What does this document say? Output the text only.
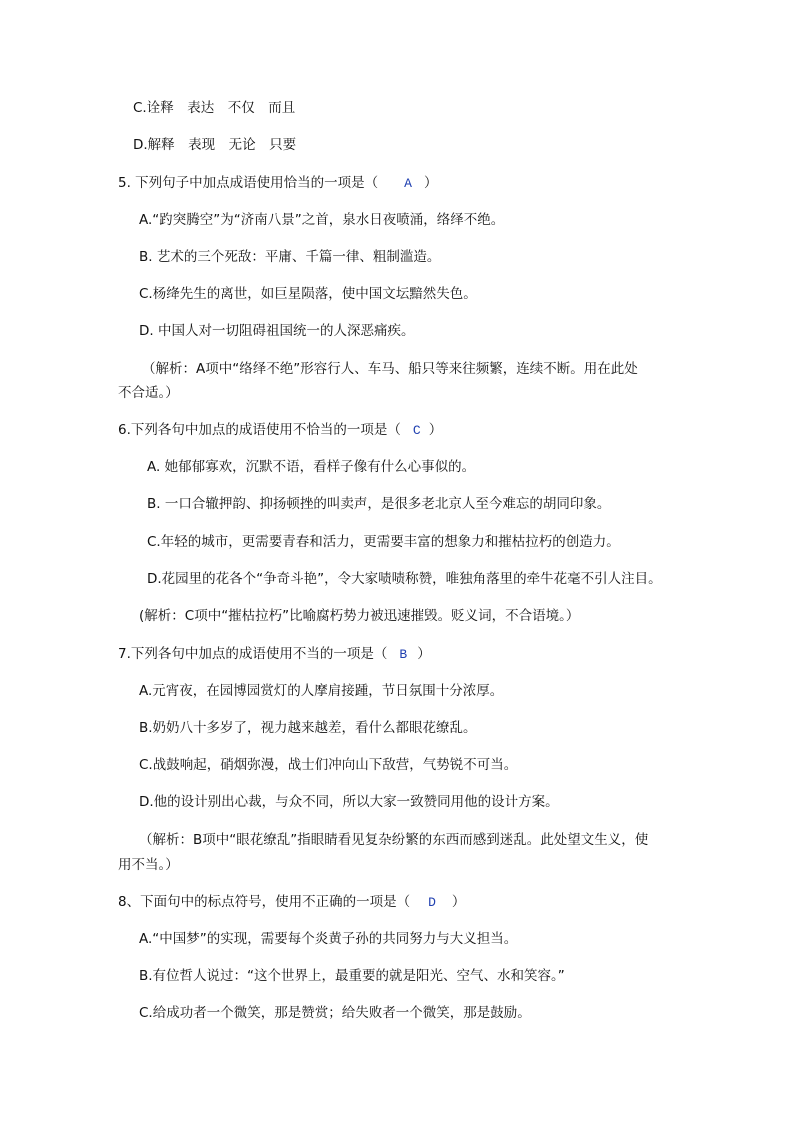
C.诠释　表达　不仅　而且
D.解释　表现　无论　只要
5. 下列句子中加点成语使用恰当的一项是（ A ）
A.“趵突腾空”为“济南八景”之首，泉水日夜喷涌，络绎不绝。
B. 艺术的三个死敌：平庸、千篇一律、粗制滥造。
C.杨绛先生的离世，如巨星陨落，使中国文坛黯然失色。
D. 中国人对一切阻碍祖国统一的人深恶痛疾。
（解析：A项中“络绎不绝”形容行人、车马、船只等来往频繁，连续不断。用在此处
不合适。）
6.下列各句中加点的成语使用不恰当的一项是（ C ）
A. 她郁郁寡欢，沉默不语，看样子像有什么心事似的。
B. 一口合辙押韵、抑扬顿挫的叫卖声，是很多老北京人至今难忘的胡同印象。
C.年轻的城市，更需要青春和活力，更需要丰富的想象力和摧枯拉朽的创造力。
D.花园里的花各个“争奇斗艳”，令大家啧啧称赞，唯独角落里的牵牛花毫不引人注目。
(解析：C项中“摧枯拉朽”比喻腐朽势力被迅速摧毁。贬义词，不合语境。）
7.下列各句中加点的成语使用不当的一项是（ B ）
A.元宵夜，在园博园赏灯的人摩肩接踵，节日氛围十分浓厚。
B.奶奶八十多岁了，视力越来越差，看什么都眼花缭乱。
C.战鼓响起，硝烟弥漫，战士们冲向山下敌营，气势锐不可当。
D.他的设计别出心裁，与众不同，所以大家一致赞同用他的设计方案。
（解析：B项中“眼花缭乱”指眼睛看见复杂纷繁的东西而感到迷乱。此处望文生义，使
用不当。）
8、下面句中的标点符号，使用不正确的一项是（ D ）
A.“中国梦”的实现，需要每个炎黄子孙的共同努力与大义担当。
B.有位哲人说过：“这个世界上，最重要的就是阳光、空气、水和笑容。”
C.给成功者一个微笑，那是赞赏；给失败者一个微笑，那是鼓励。
